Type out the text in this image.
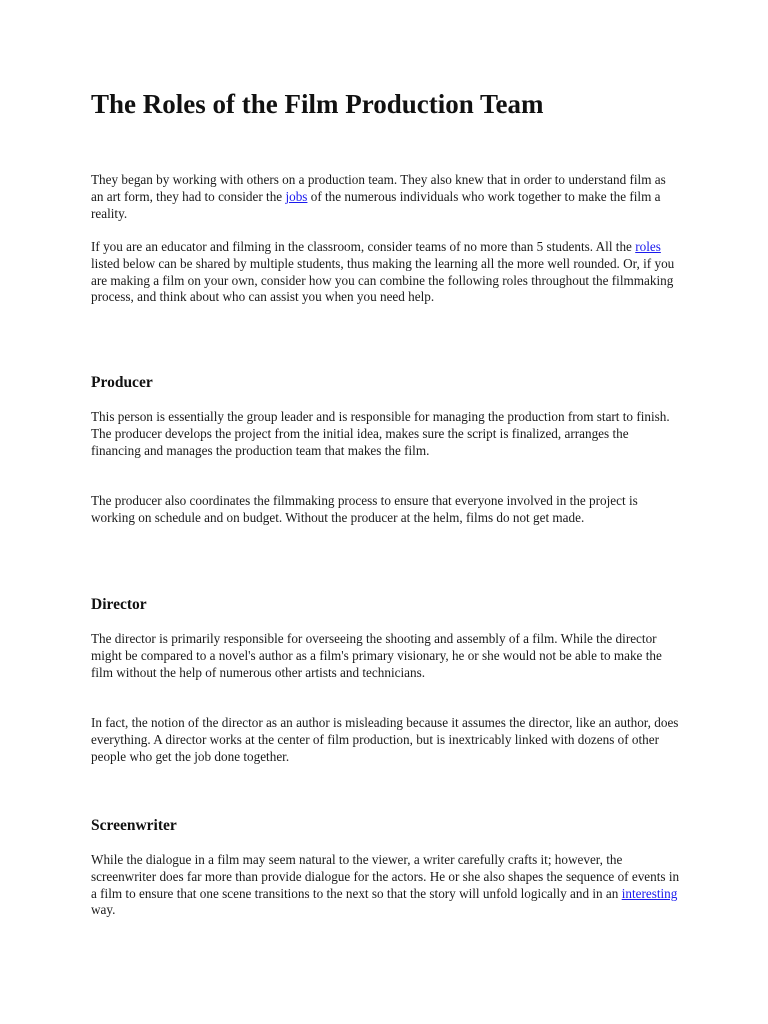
The Roles of the Film Production Team

They began by working with others on a production team. They also knew that in order to understand film as an art form, they had to consider the jobs of the numerous individuals who work together to make the film a reality.

If you are an educator and filming in the classroom, consider teams of no more than 5 students. All the roles listed below can be shared by multiple students, thus making the learning all the more well rounded. Or, if you are making a film on your own, consider how you can combine the following roles throughout the filmmaking process, and think about who can assist you when you need help.

Producer

This person is essentially the group leader and is responsible for managing the production from start to finish. The producer develops the project from the initial idea, makes sure the script is finalized, arranges the financing and manages the production team that makes the film.

The producer also coordinates the filmmaking process to ensure that everyone involved in the project is working on schedule and on budget. Without the producer at the helm, films do not get made.

Director

The director is primarily responsible for overseeing the shooting and assembly of a film. While the director might be compared to a novel's author as a film's primary visionary, he or she would not be able to make the film without the help of numerous other artists and technicians.

In fact, the notion of the director as an author is misleading because it assumes the director, like an author, does everything. A director works at the center of film production, but is inextricably linked with dozens of other people who get the job done together.

Screenwriter

While the dialogue in a film may seem natural to the viewer, a writer carefully crafts it; however, the screenwriter does far more than provide dialogue for the actors. He or she also shapes the sequence of events in a film to ensure that one scene transitions to the next so that the story will unfold logically and in an interesting way.
